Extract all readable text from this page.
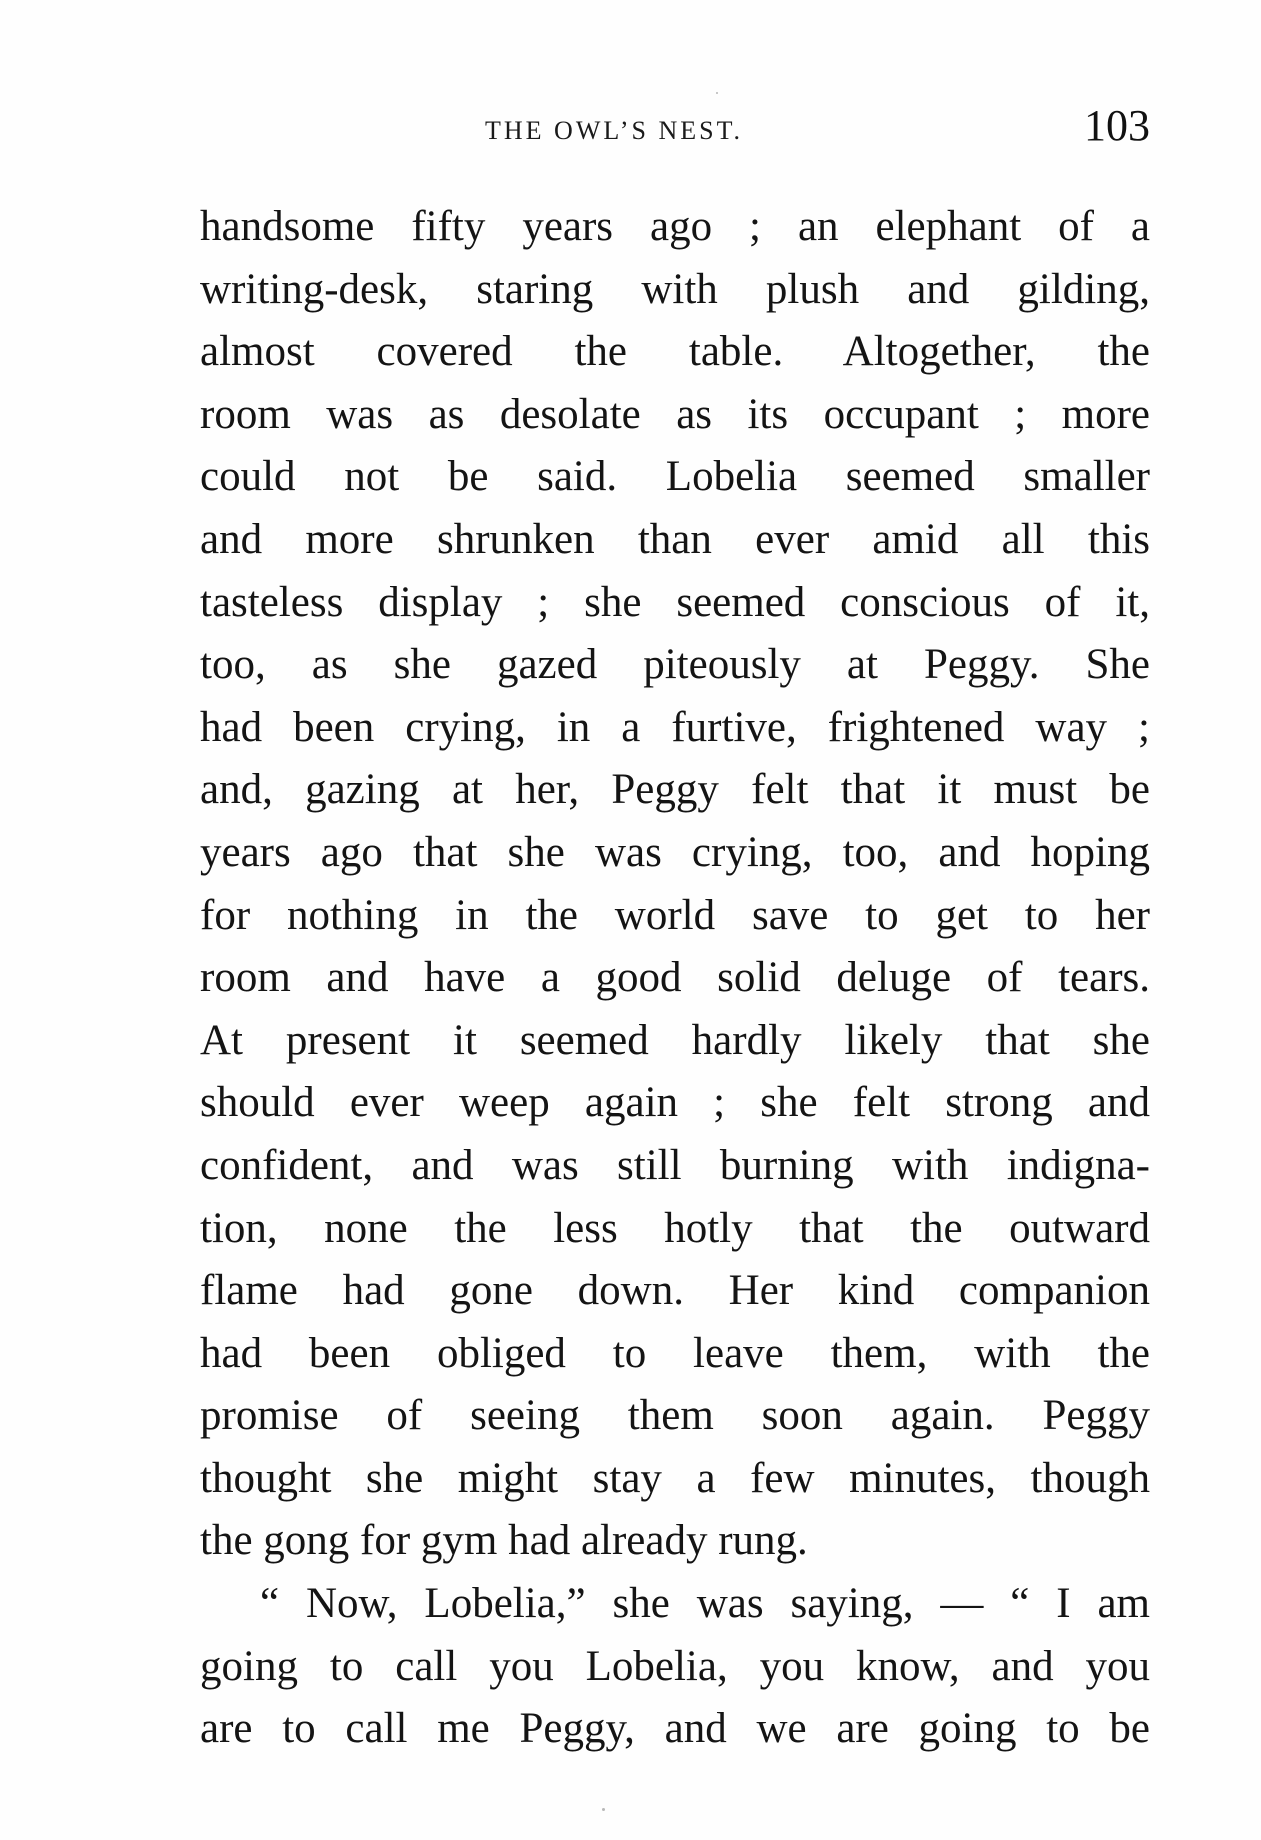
THE OWL’S NEST.	103
handsome fifty years ago ; an elephant of a
writing-desk, staring with plush and gilding,
almost covered the table. Altogether, the
room was as desolate as its occupant ; more
could not be said. Lobelia seemed smaller
and more shrunken than ever amid all this
tasteless display ; she seemed conscious of it,
too, as she gazed piteously at Peggy. She
had been crying, in a furtive, frightened way ;
and, gazing at her, Peggy felt that it must be
years ago that she was crying, too, and hoping
for nothing in the world save to get to her
room and have a good solid deluge of tears.
At present it seemed hardly likely that she
should ever weep again ; she felt strong and
confident, and was still burning with indigna-
tion, none the less hotly that the outward
flame had gone down. Her kind companion
had been obliged to leave them, with the
promise of seeing them soon again. Peggy
thought she might stay a few minutes, though
the gong for gym had already rung.
“ Now, Lobelia,” she was saying, — “ I am
going to call you Lobelia, you know, and you
are to call me Peggy, and we are going to be
